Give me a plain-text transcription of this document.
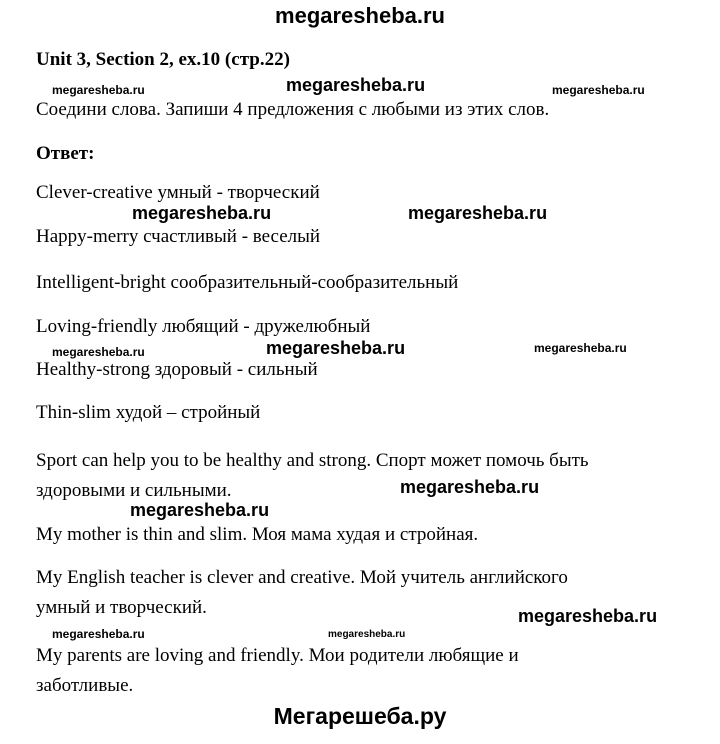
megaresheba.ru
Unit 3, Section 2, ex.10 (стр.22)
megaresheba.ru	megaresheba.ru	megaresheba.ru
Соедини слова. Запиши 4 предложения с любыми из этих слов.
Ответ:
Clever-creative умный - творческий
megaresheba.ru	megaresheba.ru
Happy-merry счастливый - веселый
Intelligent-bright сообразительный-сообразительный
Loving-friendly любящий - дружелюбный
megaresheba.ru	megaresheba.ru	megaresheba.ru
Healthy-strong здоровый - сильный
Thin-slim худой – стройный
Sport can help you to be healthy and strong. Спорт может помочь быть
здоровыми и сильными.	megaresheba.ru
megaresheba.ru
My mother is thin and slim. Моя мама худая и стройная.
My English teacher is clever and creative. Мой учитель английского
умный и творческий.	megaresheba.ru
megaresheba.ru	megaresheba.ru
My parents are loving and friendly. Мои родители любящие и
заботливые.
Мегарешеба.ру
